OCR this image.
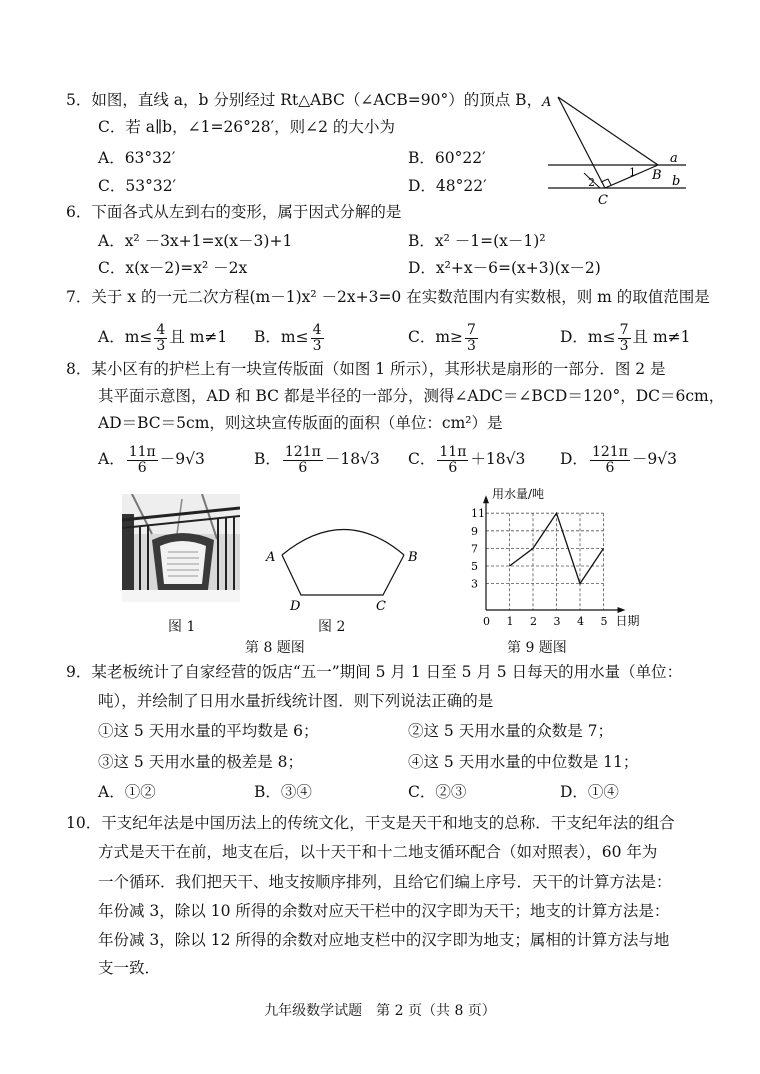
5．如图，直线 a，b 分别经过 Rt△ABC（∠ACB=90°）的顶点 B，
C．若 a∥b，∠1=26°28′，则∠2 的大小为
A．63°32′	B．60°22′
C．53°32′	D．48°22′
A
B
C
a
b
1
2
6．下面各式从左到右的变形，属于因式分解的是
A．x² －3x+1=x(x－3)+1	B．x² －1=(x－1)²
C．x(x－2)=x² －2x	D．x²+x－6=(x+3)(x－2)
7．关于 x 的一元二次方程(m－1)x² －2x+3=0 在实数范围内有实数根，则 m 的取值范围是
A．$m\le \frac{4}{3}$ 且 m≠1 B．$m\le \frac{4}{3}$	C．$m\ge \frac{7}{3}$	D．$m\le \frac{7}{3}$ 且 m≠1
8．某小区有的护栏上有一块宣传版面（如图 1 所示），其形状是扇形的一部分．图 2 是
其平面示意图，AD 和 BC 都是半径的一部分，测得∠ADC＝∠BCD＝120°，DC＝6cm，
AD＝BC＝5cm，则这块宣传版面的面积（单位：cm²）是
A． $\frac{11\pi}{6} -9√3$	B． $\frac{121\pi}{6} -18√3$ C． $\frac{11\pi}{6} +18√3$ D． $\frac{121\pi}{6} -9√3$
图 1
A	B
C
D
图 2
第 8 题图
用水量/吨
日期
0 1 2 3 4 5
3
5
7
9
11
第 9 题图
9．某老板统计了自家经营的饭店“五一”期间 5 月 1 日至 5 月 5 日每天的用水量（单位：
吨），并绘制了日用水量折线统计图．则下列说法正确的是
①这 5 天用水量的平均数是 6；	②这 5 天用水量的众数是 7；
③这 5 天用水量的极差是 8；	④这 5 天用水量的中位数是 11；
A．①②	B．③④	C．②③	D．①④
10．干支纪年法是中国历法上的传统文化，干支是天干和地支的总称．干支纪年法的组合
方式是天干在前，地支在后，以十天干和十二地支循环配合（如对照表），60 年为
一个循环．我们把天干、地支按顺序排列，且给它们编上序号．天干的计算方法是：
年份减 3，除以 10 所得的余数对应天干栏中的汉字即为天干；地支的计算方法是：
年份减 3，除以 12 所得的余数对应地支栏中的汉字即为地支；属相的计算方法与地
支一致．
九年级数学试题　第 2 页（共 8 页）
